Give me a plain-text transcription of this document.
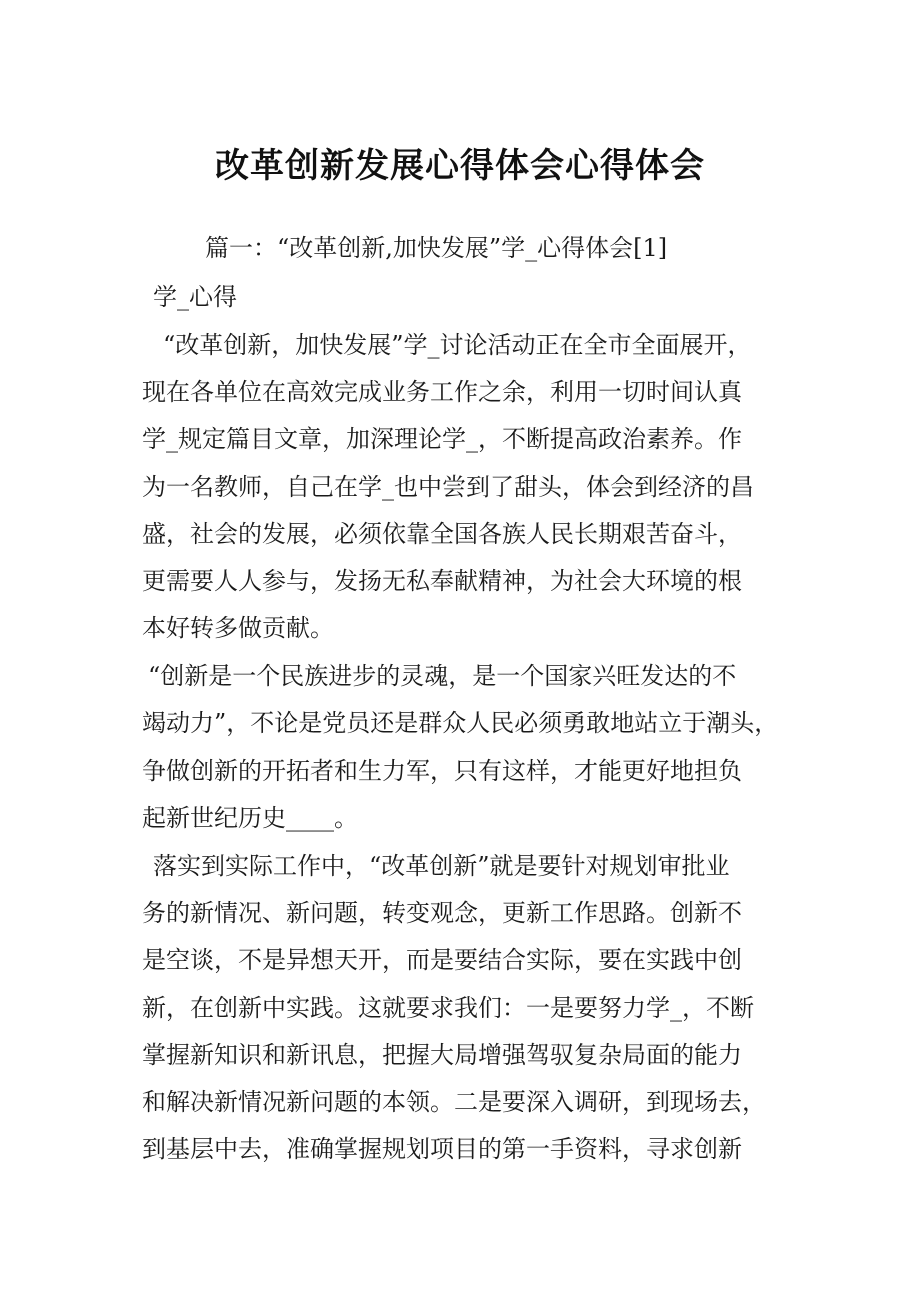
改革创新发展心得体会心得体会
篇一：“改革创新,加快发展”学_心得体会[1]
学_心得
“改革创新，加快发展”学_讨论活动正在全市全面展开，
现在各单位在高效完成业务工作之余，利用一切时间认真
学_规定篇目文章，加深理论学_，不断提高政治素养。作
为一名教师，自己在学_也中尝到了甜头，体会到经济的昌
盛，社会的发展，必须依靠全国各族人民长期艰苦奋斗，
更需要人人参与，发扬无私奉献精神，为社会大环境的根
本好转多做贡献。
“创新是一个民族进步的灵魂，是一个国家兴旺发达的不
竭动力”，不论是党员还是群众人民必须勇敢地站立于潮头，
争做创新的开拓者和生力军，只有这样，才能更好地担负
起新世纪历史____。
落实到实际工作中，“改革创新”就是要针对规划审批业
务的新情况、新问题，转变观念，更新工作思路。创新不
是空谈，不是异想天开，而是要结合实际，要在实践中创
新，在创新中实践。这就要求我们：一是要努力学_，不断
掌握新知识和新讯息，把握大局增强驾驭复杂局面的能力
和解决新情况新问题的本领。二是要深入调研，到现场去，
到基层中去，准确掌握规划项目的第一手资料，寻求创新
